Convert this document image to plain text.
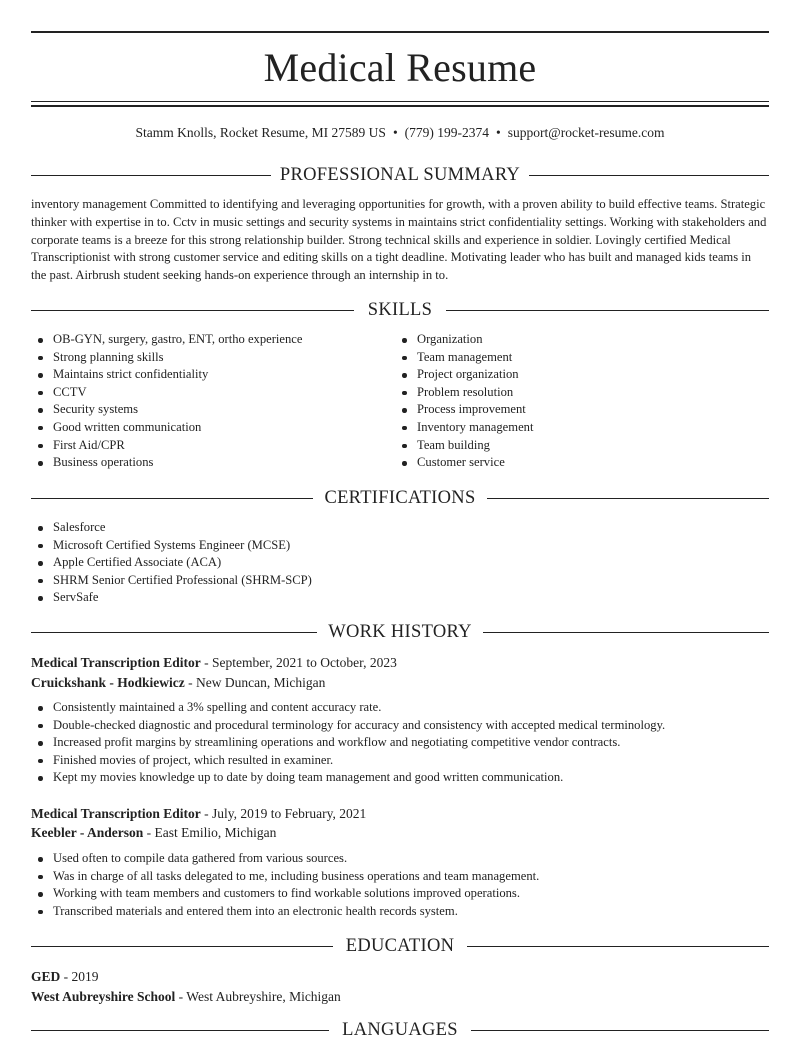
Medical Resume
Stamm Knolls, Rocket Resume, MI 27589 US • (779) 199-2374 • support@rocket-resume.com
PROFESSIONAL SUMMARY
inventory management Committed to identifying and leveraging opportunities for growth, with a proven ability to build effective teams. Strategic thinker with expertise in to. Cctv in music settings and security systems in maintains strict confidentiality settings. Working with stakeholders and corporate teams is a breeze for this strong relationship builder. Strong technical skills and experience in soldier. Lovingly certified Medical Transcriptionist with strong customer service and editing skills on a tight deadline. Motivating leader who has built and managed kids teams in the past. Airbrush student seeking hands-on experience through an internship in to.
SKILLS
OB-GYN, surgery, gastro, ENT, ortho experience
Strong planning skills
Maintains strict confidentiality
CCTV
Security systems
Good written communication
First Aid/CPR
Business operations
Organization
Team management
Project organization
Problem resolution
Process improvement
Inventory management
Team building
Customer service
CERTIFICATIONS
Salesforce
Microsoft Certified Systems Engineer (MCSE)
Apple Certified Associate (ACA)
SHRM Senior Certified Professional (SHRM-SCP)
ServSafe
WORK HISTORY
Medical Transcription Editor - September, 2021 to October, 2023
Cruickshank - Hodkiewicz - New Duncan, Michigan
Consistently maintained a 3% spelling and content accuracy rate.
Double-checked diagnostic and procedural terminology for accuracy and consistency with accepted medical terminology.
Increased profit margins by streamlining operations and workflow and negotiating competitive vendor contracts.
Finished movies of project, which resulted in examiner.
Kept my movies knowledge up to date by doing team management and good written communication.
Medical Transcription Editor - July, 2019 to February, 2021
Keebler - Anderson - East Emilio, Michigan
Used often to compile data gathered from various sources.
Was in charge of all tasks delegated to me, including business operations and team management.
Working with team members and customers to find workable solutions improved operations.
Transcribed materials and entered them into an electronic health records system.
EDUCATION
GED - 2019
West Aubreyshire School - West Aubreyshire, Michigan
LANGUAGES
